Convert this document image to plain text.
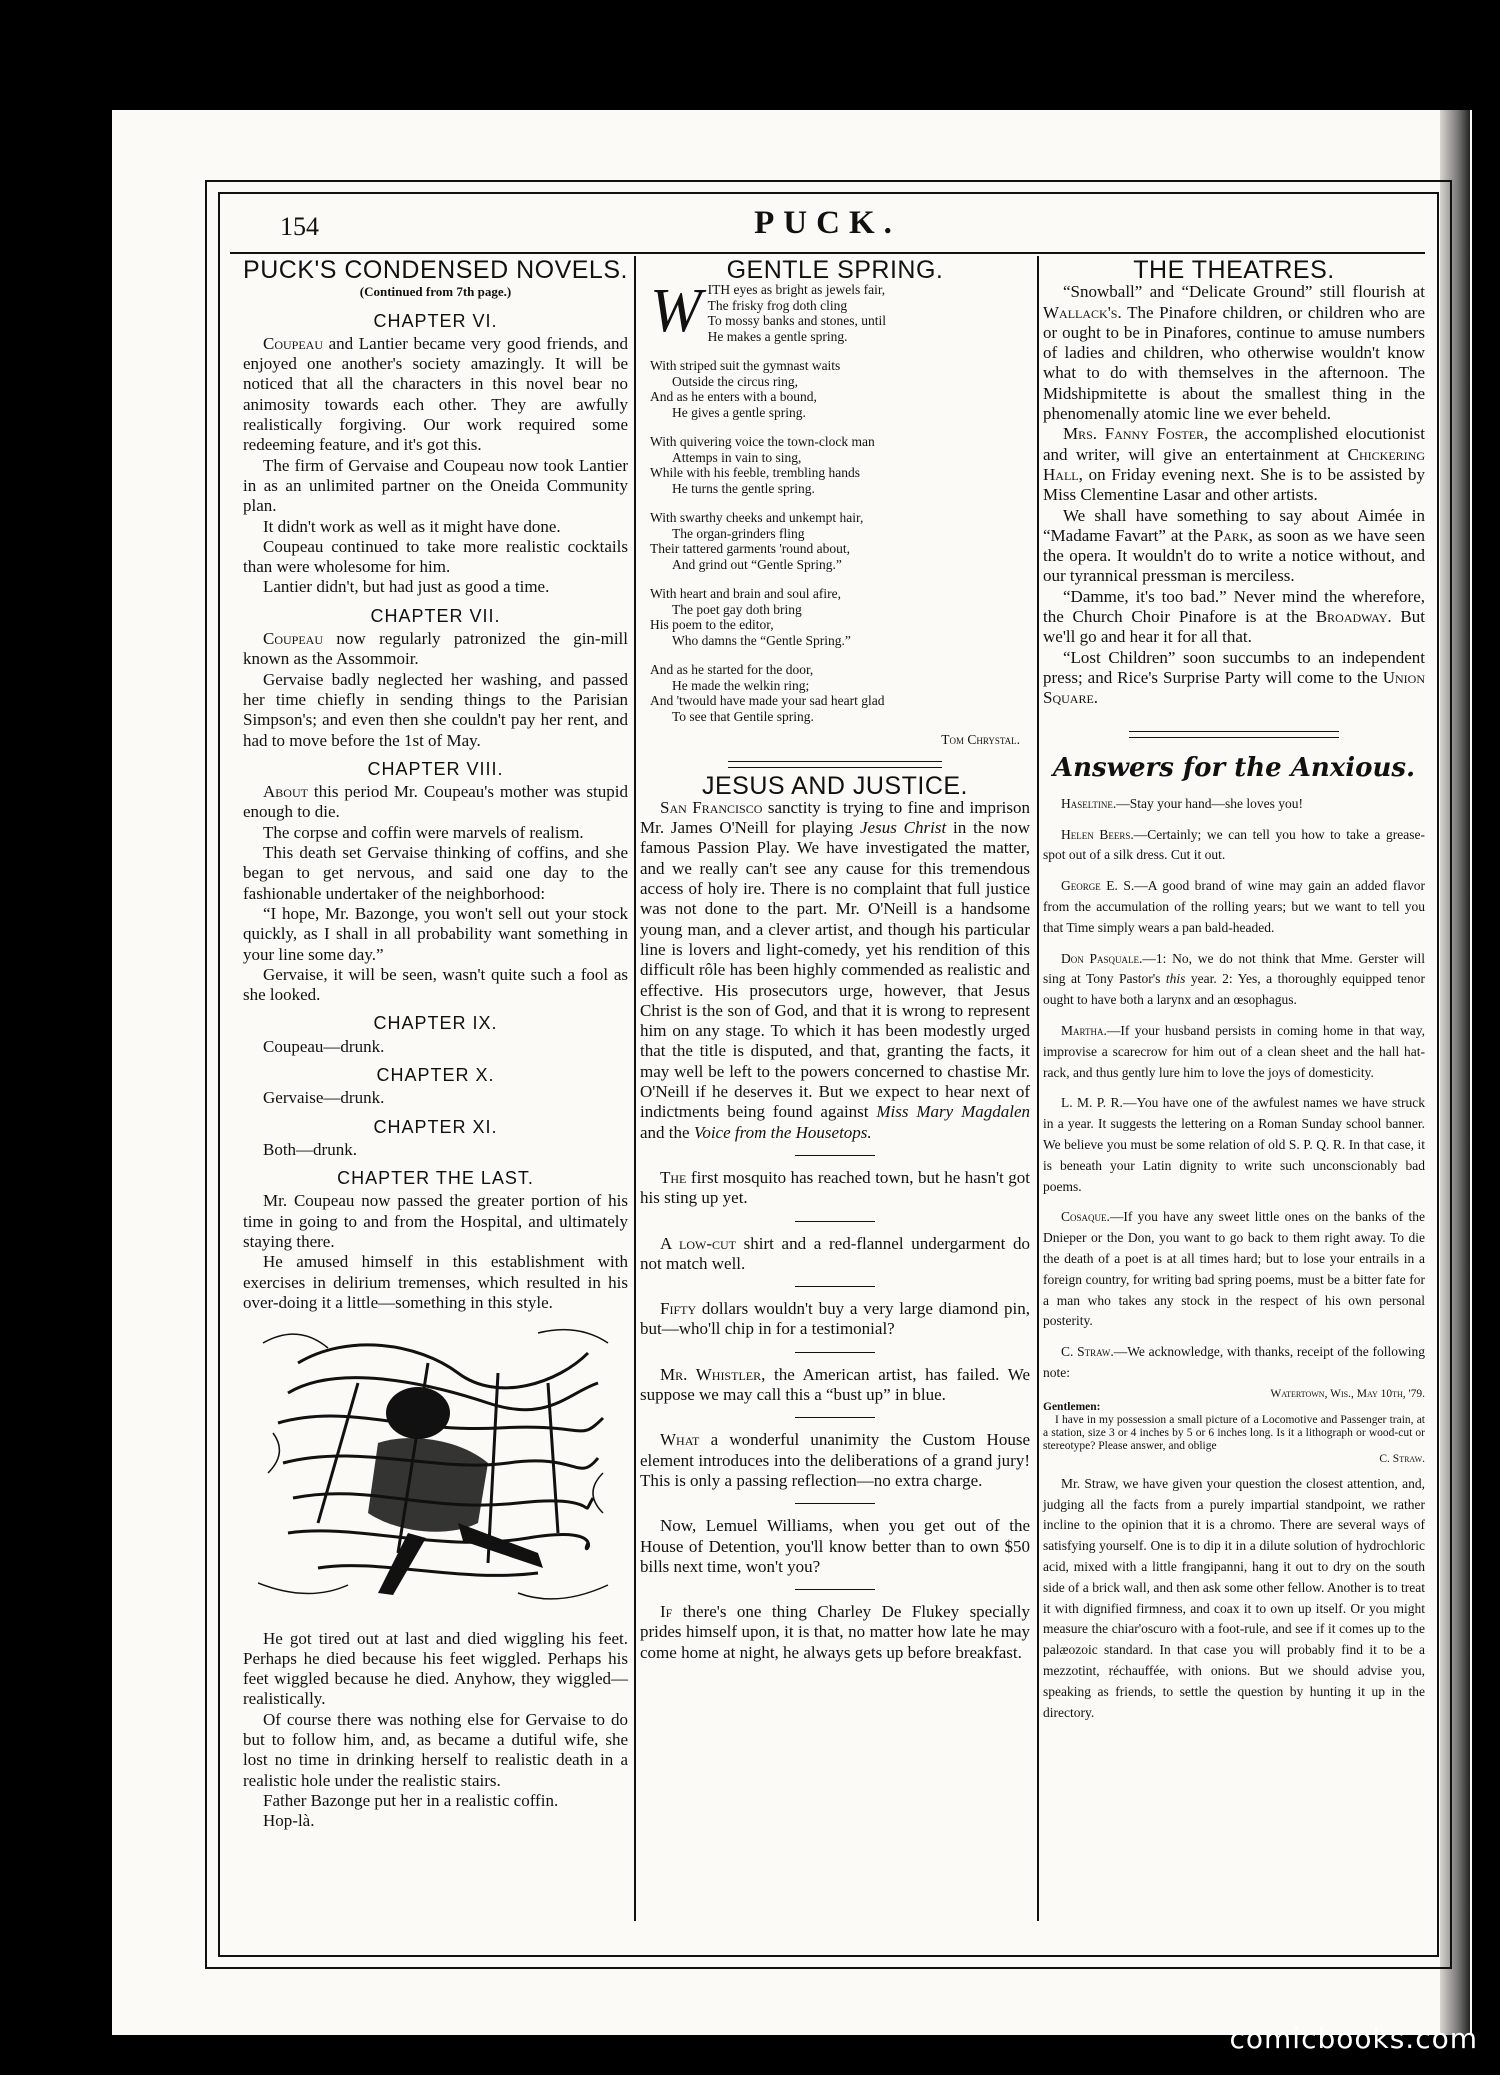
154	PUCK.
PUCK'S CONDENSED NOVELS.
(Continued from 7th page.)
CHAPTER VI.

Coupeau and Lantier became very good friends, and enjoyed one another's society amazingly. It will be noticed that all the characters in this novel bear no animosity towards each other. They are awfully realistically forgiving. Our work required some redeeming feature, and it's got this.

The firm of Gervaise and Coupeau now took Lantier in as an unlimited partner on the Oneida Community plan.

It didn't work as well as it might have done.

Coupeau continued to take more realistic cocktails than were wholesome for him.

Lantier didn't, but had just as good a time.

CHAPTER VII.

Coupeau now regularly patronized the gin-mill known as the Assommoir.

Gervaise badly neglected her washing, and passed her time chiefly in sending things to the Parisian Simpson's; and even then she couldn't pay her rent, and had to move before the 1st of May.

CHAPTER VIII.

About this period Mr. Coupeau's mother was stupid enough to die.

The corpse and coffin were marvels of realism.

This death set Gervaise thinking of coffins, and she began to get nervous, and said one day to the fashionable undertaker of the neighborhood:

“I hope, Mr. Bazonge, you won't sell out your stock quickly, as I shall in all probability want something in your line some day.”

Gervaise, it will be seen, wasn't quite such a fool as she looked.

CHAPTER IX.

Coupeau—drunk.

CHAPTER X.

Gervaise—drunk.

CHAPTER XI.

Both—drunk.

CHAPTER THE LAST.

Mr. Coupeau now passed the greater portion of his time in going to and from the Hospital, and ultimately staying there.

He amused himself in this establishment with exercises in delirium tremenses, which resulted in his over-doing it a little—something in this style.

He got tired out at last and died wiggling his feet. Perhaps he died because his feet wiggled. Perhaps his feet wiggled because he died. Anyhow, they wiggled—realistically.

Of course there was nothing else for Gervaise to do but to follow him, and, as became a dutiful wife, she lost no time in drinking herself to realistic death in a realistic hole under the realistic stairs.

Father Bazonge put her in a realistic coffin.

Hop-là.

GENTLE SPRING.
W ITH eyes as bright as jewels fair,
The frisky frog doth cling
To mossy banks and stones, until
He makes a gentle spring.
With striped suit the gymnast waits
Outside the circus ring,
And as he enters with a bound,
He gives a gentle spring.
With quivering voice the town-clock man
Attemps in vain to sing,
While with his feeble, trembling hands
He turns the gentle spring.
With swarthy cheeks and unkempt hair,
The organ-grinders fling
Their tattered garments 'round about,
And grind out “Gentle Spring.”
With heart and brain and soul afire,
The poet gay doth bring
His poem to the editor,
Who damns the “Gentle Spring.”
And as he started for the door,
He made the welkin ring;
And 'twould have made your sad heart glad
To see that Gentile spring.
Tom Chrystal.
JESUS AND JUSTICE.

San Francisco sanctity is trying to fine and imprison Mr. James O'Neill for playing Jesus Christ in the now famous Passion Play. We have investigated the matter, and we really can't see any cause for this tremendous access of holy ire. There is no complaint that full justice was not done to the part. Mr. O'Neill is a handsome young man, and a clever artist, and though his particular line is lovers and light-comedy, yet his rendition of this difficult rôle has been highly commended as realistic and effective. His prosecutors urge, however, that Jesus Christ is the son of God, and that it is wrong to represent him on any stage. To which it has been modestly urged that the title is disputed, and that, granting the facts, it may well be left to the powers concerned to chastise Mr. O'Neill if he deserves it. But we expect to hear next of indictments being found against Miss Mary Magdalen and the Voice from the Housetops.

The first mosquito has reached town, but he hasn't got his sting up yet.

A low-cut shirt and a red-flannel undergarment do not match well.

Fifty dollars wouldn't buy a very large diamond pin, but—who'll chip in for a testimonial?

Mr. Whistler, the American artist, has failed. We suppose we may call this a “bust up” in blue.

What a wonderful unanimity the Custom House element introduces into the deliberations of a grand jury! This is only a passing reflection—no extra charge.

Now, Lemuel Williams, when you get out of the House of Detention, you'll know better than to own $50 bills next time, won't you?

If there's one thing Charley De Flukey specially prides himself upon, it is that, no matter how late he may come home at night, he always gets up before breakfast.

THE THEATRES.

“Snowball” and “Delicate Ground” still flourish at Wallack's. The Pinafore children, or children who are or ought to be in Pinafores, continue to amuse numbers of ladies and children, who otherwise wouldn't know what to do with themselves in the afternoon. The Midshipmitette is about the smallest thing in the phenomenally atomic line we ever beheld.

Mrs. Fanny Foster, the accomplished elocutionist and writer, will give an entertainment at Chickering Hall, on Friday evening next. She is to be assisted by Miss Clementine Lasar and other artists.

We shall have something to say about Aimée in “Madame Favart” at the Park, as soon as we have seen the opera. It wouldn't do to write a notice without, and our tyrannical pressman is merciless.

“Damme, it's too bad.” Never mind the wherefore, the Church Choir Pinafore is at the Broadway. But we'll go and hear it for all that.

“Lost Children” soon succumbs to an independent press; and Rice's Surprise Party will come to the Union Square.

Answers for the Anxious.

Haseltine.—Stay your hand—she loves you!

Helen Beers.—Certainly; we can tell you how to take a grease-spot out of a silk dress. Cut it out.

George E. S.—A good brand of wine may gain an added flavor from the accumulation of the rolling years; but we want to tell you that Time simply wears a pan bald-headed.

Don Pasquale.—1: No, we do not think that Mme. Gerster will sing at Tony Pastor's this year. 2: Yes, a thoroughly equipped tenor ought to have both a larynx and an œsophagus.

Martha.—If your husband persists in coming home in that way, improvise a scarecrow for him out of a clean sheet and the hall hat-rack, and thus gently lure him to love the joys of domesticity.

L. M. P. R.—You have one of the awfulest names we have struck in a year. It suggests the lettering on a Roman Sunday school banner. We believe you must be some relation of old S. P. Q. R. In that case, it is beneath your Latin dignity to write such unconscionably bad poems.

Cosaque.—If you have any sweet little ones on the banks of the Dnieper or the Don, you want to go back to them right away. To die the death of a poet is at all times hard; but to lose your entrails in a foreign country, for writing bad spring poems, must be a bitter fate for a man who takes any stock in the respect of his own personal posterity.

C. Straw.—We acknowledge, with thanks, receipt of the following note:

Watertown, Wis., May 10th, '79.
Gentlemen:
I have in my possession a small picture of a Locomotive and Passenger train, at a station, size 3 or 4 inches by 5 or 6 inches long. Is it a lithograph or wood-cut or stereotype? Please answer, and oblige
C. Straw.

Mr. Straw, we have given your question the closest attention, and, judging all the facts from a purely impartial standpoint, we rather incline to the opinion that it is a chromo. There are several ways of satisfying yourself. One is to dip it in a dilute solution of hydrochloric acid, mixed with a little frangipanni, hang it out to dry on the south side of a brick wall, and then ask some other fellow. Another is to treat it with dignified firmness, and coax it to own up itself. Or you might measure the chiar'oscuro with a foot-rule, and see if it comes up to the palæozoic standard. In that case you will probably find it to be a mezzotint, réchauffée, with onions. But we should advise you, speaking as friends, to settle the question by hunting it up in the directory.

comicbooks.com
